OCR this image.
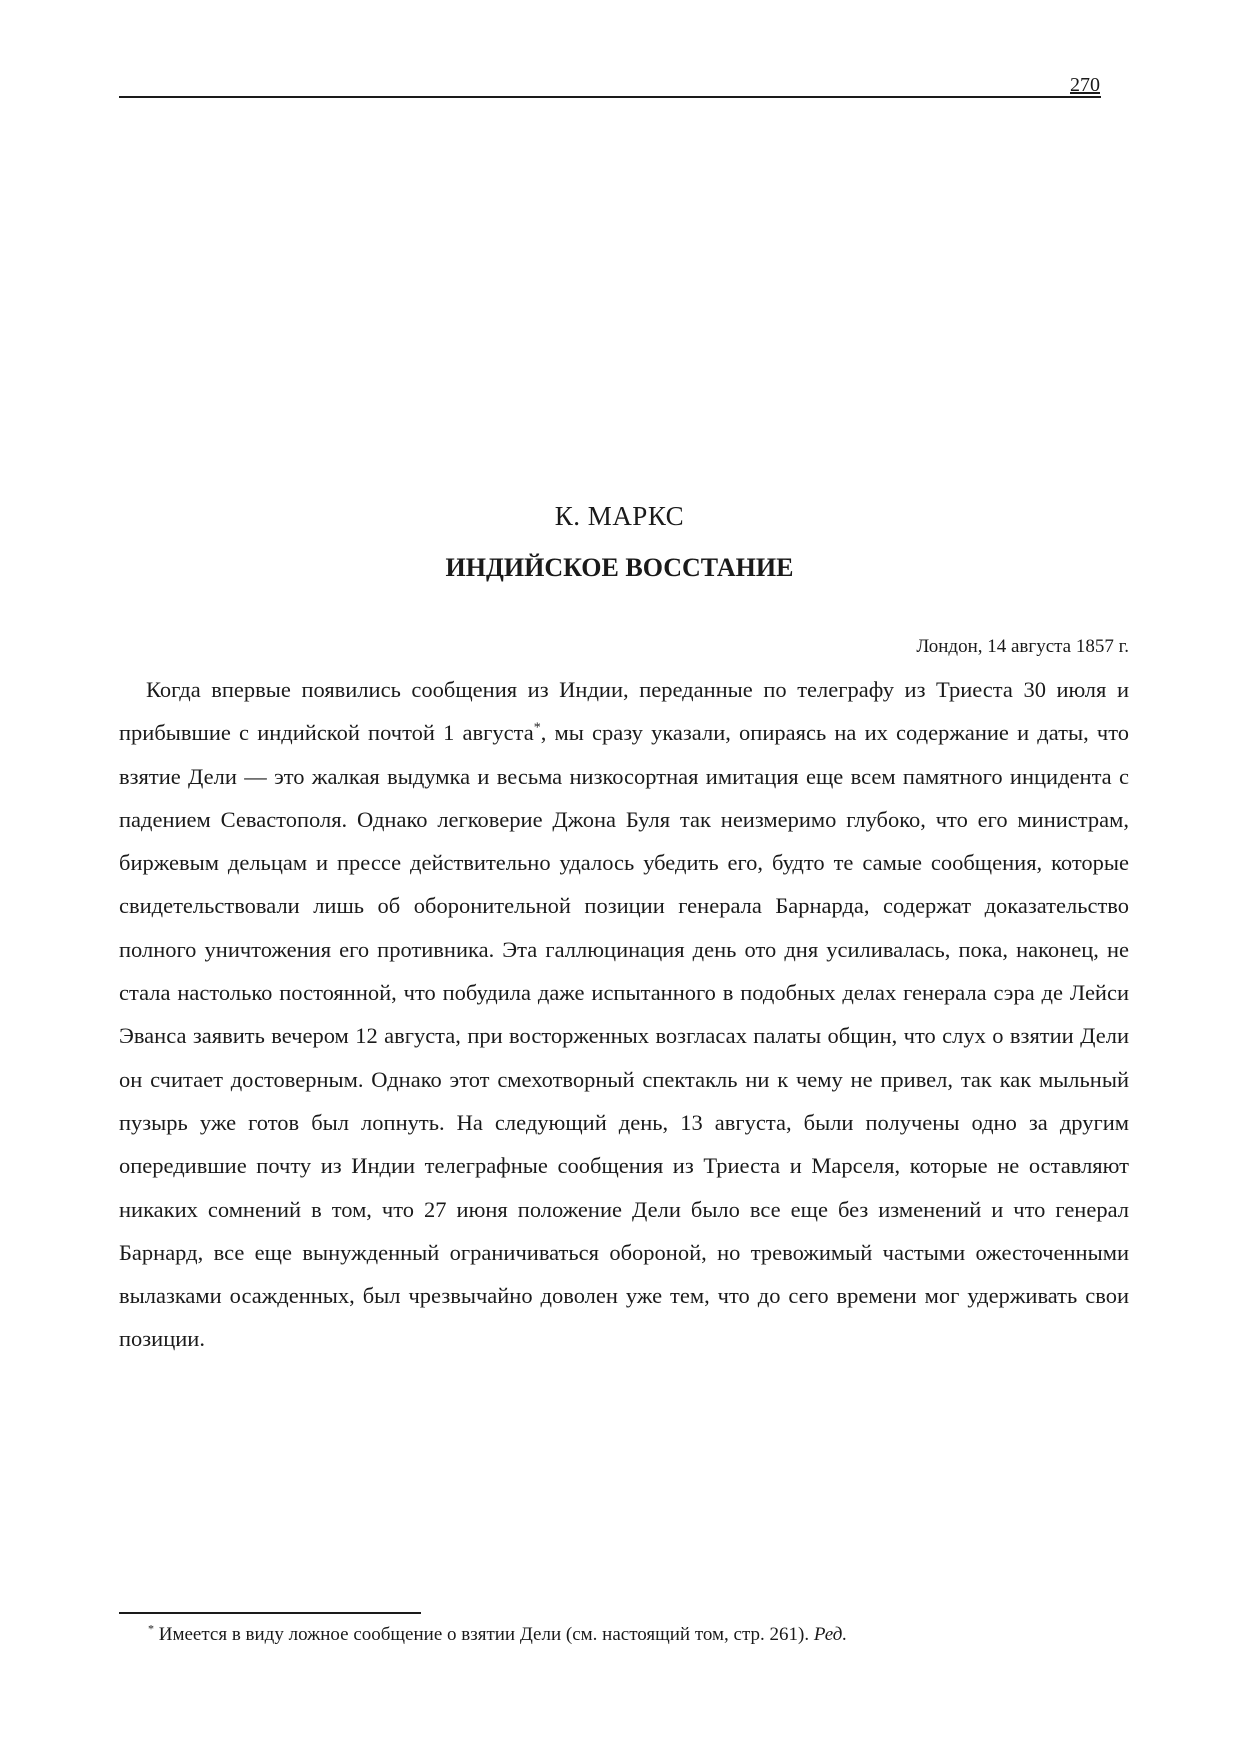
270
К. МАРКС
ИНДИЙСКОЕ ВОССТАНИЕ
Лондон, 14 августа 1857 г.

Когда впервые появились сообщения из Индии, переданные по телеграфу из Триеста 30 июля и прибывшие с индийской почтой 1 августа*, мы сразу указали, опираясь на их содержание и даты, что взятие Дели — это жалкая выдумка и весьма низкосортная имитация еще всем памятного инцидента с падением Севастополя. Однако легковерие Джона Буля так неизмеримо глубоко, что его министрам, биржевым дельцам и прессе действительно удалось убедить его, будто те самые сообщения, которые свидетельствовали лишь об оборонительной позиции генерала Барнарда, содержат доказательство полного уничтожения его противника. Эта галлюцинация день ото дня усиливалась, пока, наконец, не стала настолько постоянной, что побудила даже испытанного в подобных делах генерала сэра де Лейси Эванса заявить вечером 12 августа, при восторженных возгласах палаты общин, что слух о взятии Дели он считает достоверным. Однако этот смехотворный спектакль ни к чему не привел, так как мыльный пузырь уже готов был лопнуть. На следующий день, 13 августа, были получены одно за другим опередившие почту из Индии телеграфные сообщения из Триеста и Марселя, которые не оставляют никаких сомнений в том, что 27 июня положение Дели было все еще без изменений и что генерал Барнард, все еще вынужденный ограничиваться обороной, но тревожимый частыми ожесточенными вылазками осажденных, был чрезвычайно доволен уже тем, что до сего времени мог удерживать свои позиции.

* Имеется в виду ложное сообщение о взятии Дели (см. настоящий том, стр. 261). Ред.
